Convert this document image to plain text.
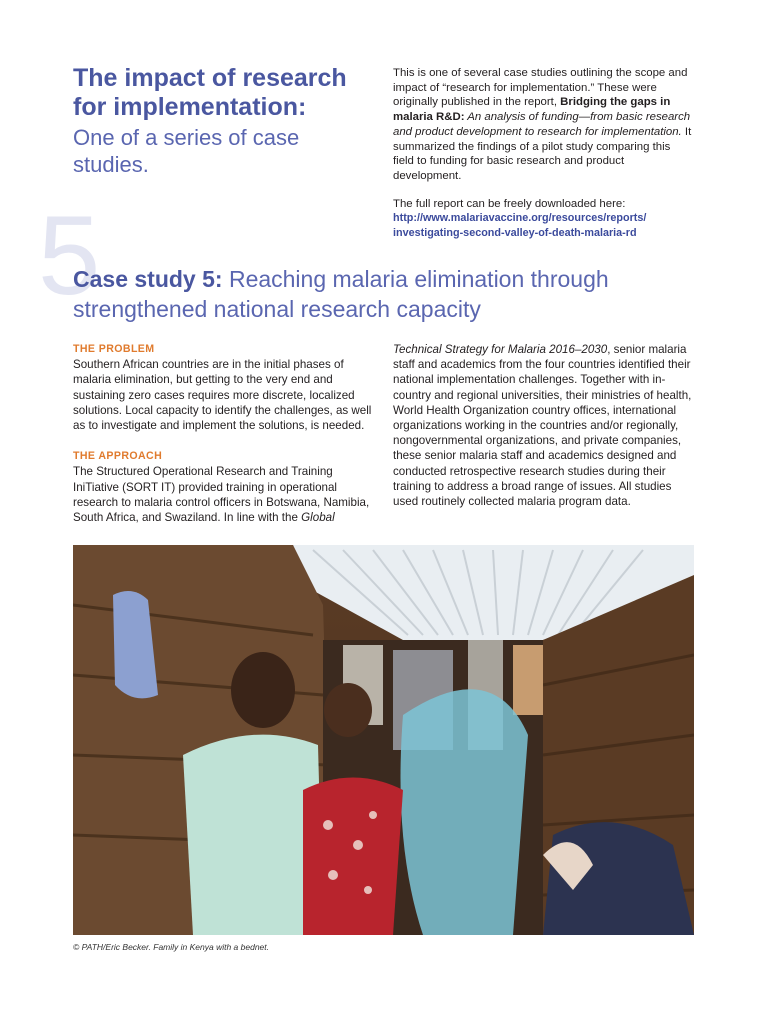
The impact of research for implementation:
One of a series of case studies.

This is one of several case studies outlining the scope and impact of “research for implementation.” These were originally published in the report, Bridging the gaps in malaria R&D: An analysis of funding—from basic research and product development to research for implementation. It summarized the findings of a pilot study comparing this field to funding for basic research and product development.

The full report can be freely downloaded here:

http://www.malariavaccine.org/resources/reports/
investigating-second-valley-of-death-malaria-rd

5
Case study 5: Reaching malaria elimination through strengthened national research capacity

THE PROBLEM

Southern African countries are in the initial phases of malaria elimination, but getting to the very end and sustaining zero cases requires more discrete, localized solutions. Local capacity to identify the challenges, as well as to investigate and implement the solutions, is needed.

THE APPROACH

The Structured Operational Research and Training IniTiative (SORT IT) provided training in operational research to malaria control officers in Botswana, Namibia, South Africa, and Swaziland. In line with the Global

Technical Strategy for Malaria 2016–2030, senior malaria staff and academics from the four countries identified their national implementation challenges. Together with in-country and regional universities, their ministries of health, World Health Organization country offices, international organizations working in the countries and/or regionally, nongovernmental organizations, and private companies, these senior malaria staff and academics designed and conducted retrospective research studies during their training to address a broad range of issues. All studies used routinely collected malaria program data.

© PATH/Eric Becker. Family in Kenya with a bednet.
